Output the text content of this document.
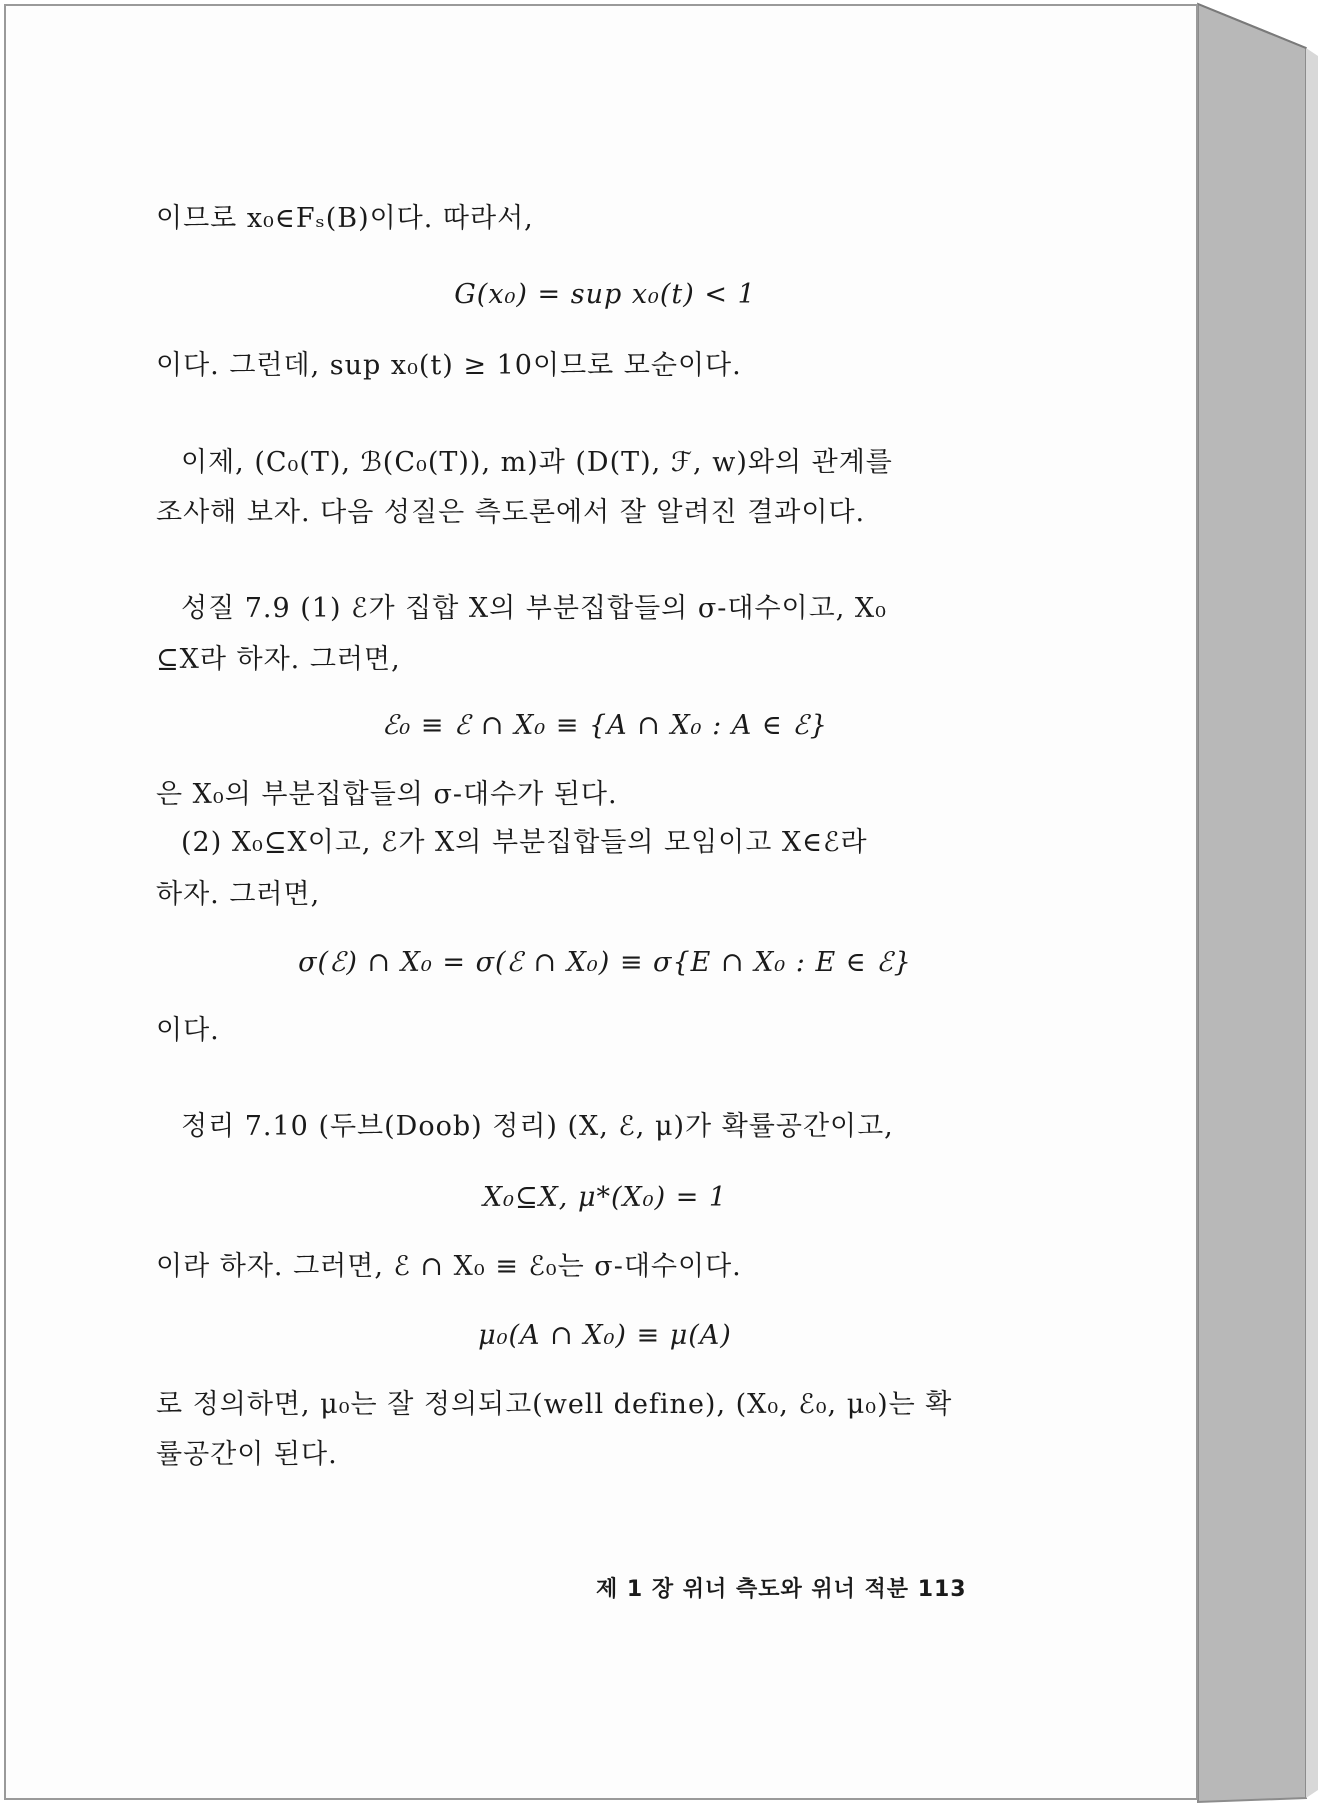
이므로 x₀∈Fₛ(B)이다. 따라서,
G(x₀) = sup x₀(t) < 1
이다. 그런데, sup x₀(t) ≥ 10이므로 모순이다.
이제, (C₀(T), ℬ(C₀(T)), m)과 (D(T), ℱ, w)와의 관계를
조사해 보자. 다음 성질은 측도론에서 잘 알려진 결과이다.
성질 7.9 (1) ℰ가 집합 X의 부분집합들의 σ-대수이고, X₀
⊆X라 하자. 그러면,
ℰ₀ ≡ ℰ ∩ X₀ ≡ {A ∩ X₀ : A ∈ ℰ}
은 X₀의 부분집합들의 σ-대수가 된다.
(2) X₀⊆X이고, ℰ가 X의 부분집합들의 모임이고 X∈ℰ라
하자. 그러면,
σ(ℰ) ∩ X₀ = σ(ℰ ∩ X₀) ≡ σ{E ∩ X₀ : E ∈ ℰ}
이다.
정리 7.10 (두브(Doob) 정리) (X, ℰ, μ)가 확률공간이고,
X₀⊆X, μ*(X₀) = 1
이라 하자. 그러면, ℰ ∩ X₀ ≡ ℰ₀는 σ-대수이다.
μ₀(A ∩ X₀) ≡ μ(A)
로 정의하면, μ₀는 잘 정의되고(well define), (X₀, ℰ₀, μ₀)는 확
률공간이 된다.
제 1 장 위너 측도와 위너 적분 113
